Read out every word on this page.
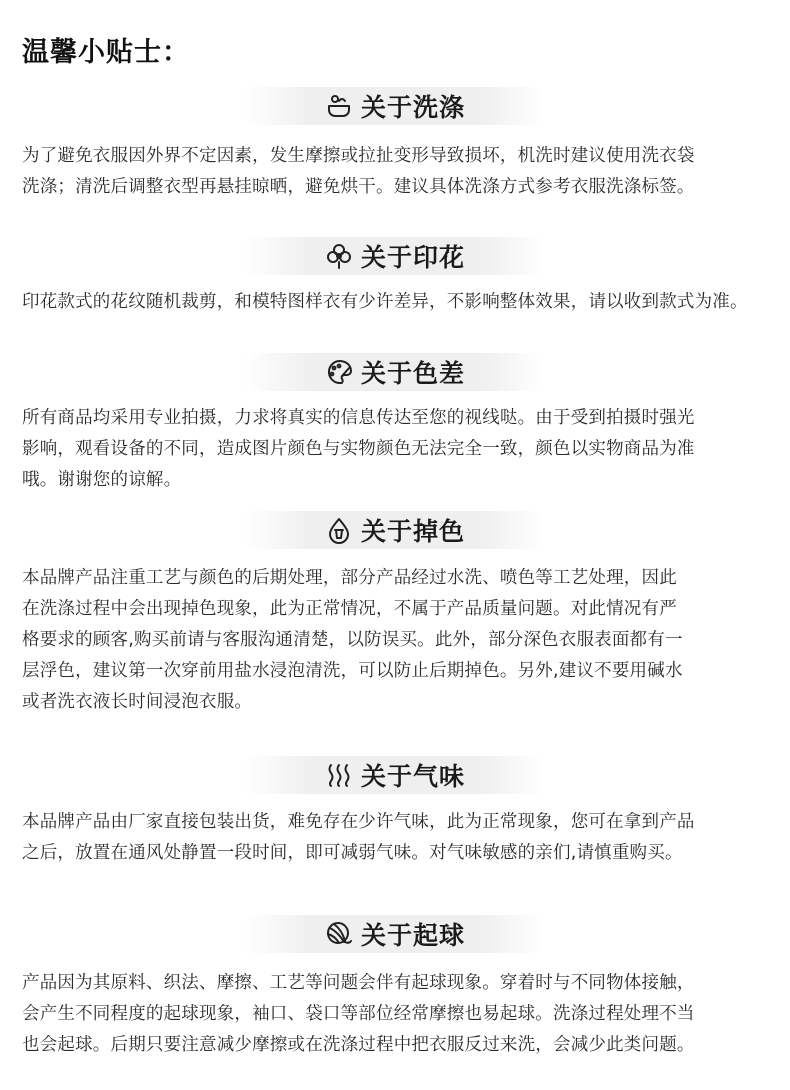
温馨小贴士：
关于洗涤

为了避免衣服因外界不定因素，发生摩擦或拉扯变形导致损坏，机洗时建议使用洗衣袋

洗涤；清洗后调整衣型再悬挂晾晒，避免烘干。建议具体洗涤方式参考衣服洗涤标签。

关于印花

印花款式的花纹随机裁剪，和模特图样衣有少许差异，不影响整体效果，请以收到款式为准。

关于色差

所有商品均采用专业拍摄，力求将真实的信息传达至您的视线哒。由于受到拍摄时强光

影响，观看设备的不同，造成图片颜色与实物颜色无法完全一致，颜色以实物商品为准

哦。谢谢您的谅解。

关于掉色

本品牌产品注重工艺与颜色的后期处理，部分产品经过水洗、喷色等工艺处理，因此

在洗涤过程中会出现掉色现象，此为正常情况，不属于产品质量问题。对此情况有严

格要求的顾客,购买前请与客服沟通清楚，以防误买。此外，部分深色衣服表面都有一

层浮色，建议第一次穿前用盐水浸泡清洗，可以防止后期掉色。另外,建议不要用碱水

或者洗衣液长时间浸泡衣服。

关于气味

本品牌产品由厂家直接包装出货，难免存在少许气味，此为正常现象，您可在拿到产品

之后，放置在通风处静置一段时间，即可减弱气味。对气味敏感的亲们,请慎重购买。

关于起球

产品因为其原料、织法、摩擦、工艺等问题会伴有起球现象。穿着时与不同物体接触，

会产生不同程度的起球现象，袖口、袋口等部位经常摩擦也易起球。洗涤过程处理不当

也会起球。后期只要注意减少摩擦或在洗涤过程中把衣服反过来洗，会减少此类问题。
